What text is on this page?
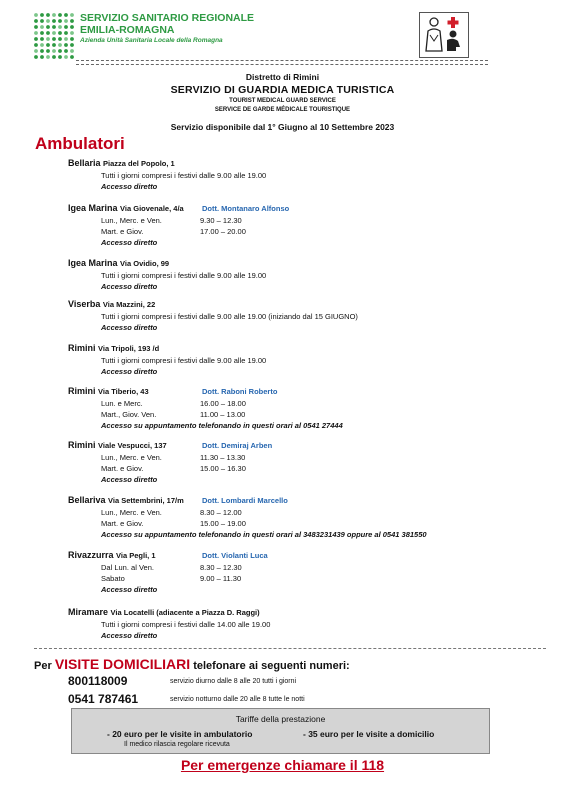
SERVIZIO SANITARIO REGIONALE
EMILIA-ROMAGNA
Azienda Unità Sanitaria Locale della Romagna
Distretto di Rimini
SERVIZIO DI GUARDIA MEDICA TURISTICA
TOURIST MEDICAL GUARD SERVICE
SERVICE DE GARDE MÉDICALE TOURISTIQUE
Servizio disponibile dal 1° Giugno al 10 Settembre 2023
Ambulatori
Bellaria Piazza del Popolo, 1
Tutti i giorni compresi i festivi dalle 9.00 alle 19.00
Accesso diretto
Igea Marina Via Giovenale, 4/a Dott. Montanaro Alfonso
Lun., Merc. e Ven.	9.30 – 12.30
Mart. e Giov.	17.00 – 20.00
Accesso diretto
Igea Marina Via Ovidio, 99
Tutti i giorni compresi i festivi dalle 9.00 alle 19.00
Accesso diretto
Viserba Via Mazzini, 22
Tutti i giorni compresi i festivi dalle 9.00 alle 19.00 (iniziando dal 15 GIUGNO)
Accesso diretto
Rimini Via Tripoli, 193 /d
Tutti i giorni compresi i festivi dalle 9.00 alle 19.00
Accesso diretto
Rimini Via Tiberio, 43	Dott. Raboni Roberto
Lun. e Merc.	16.00 – 18.00
Mart., Giov. Ven.	11.00 – 13.00
Accesso su appuntamento telefonando in questi orari al 0541 27444
Rimini Viale Vespucci, 137	Dott. Demiraj Arben
Lun., Merc. e Ven.	11.30 – 13.30
Mart. e Giov.	15.00 – 16.30
Accesso diretto
Bellariva Via Settembrini, 17/m Dott. Lombardi Marcello
Lun., Merc. e Ven.	8.30 – 12.00
Mart. e Giov.	15.00 – 19.00
Accesso su appuntamento telefonando in questi orari al 3483231439 oppure al 0541 381550
Rivazzurra Via Pegli, 1	Dott. Violanti Luca
Dal Lun. al Ven.	8.30 – 12.30
Sabato	9.00 – 11.30
Accesso diretto
Miramare Via Locatelli (adiacente a Piazza D. Raggi)
Tutti i giorni compresi i festivi dalle 14.00 alle 19.00
Accesso diretto
Per VISITE DOMICILIARI telefonare ai seguenti numeri:
800118009	servizio diurno dalle 8 alle 20 tutti i giorni
0541 787461	servizio notturno dalle 20 alle 8 tutte le notti
Tariffe della prestazione
- 20 euro per le visite in ambulatorio	- 35 euro per le visite a domicilio
Il medico rilascia regolare ricevuta
Per emergenze chiamare il 118
